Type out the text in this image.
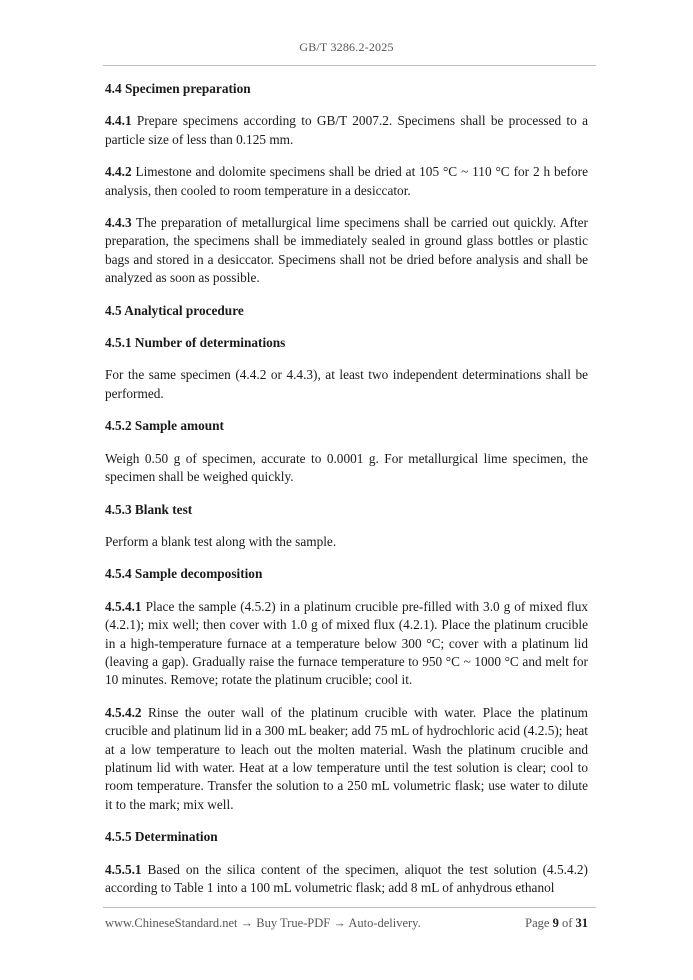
GB/T 3286.2-2025
4.4 Specimen preparation
4.4.1 Prepare specimens according to GB/T 2007.2. Specimens shall be processed to a particle size of less than 0.125 mm.
4.4.2 Limestone and dolomite specimens shall be dried at 105 °C ~ 110 °C for 2 h before analysis, then cooled to room temperature in a desiccator.
4.4.3 The preparation of metallurgical lime specimens shall be carried out quickly. After preparation, the specimens shall be immediately sealed in ground glass bottles or plastic bags and stored in a desiccator. Specimens shall not be dried before analysis and shall be analyzed as soon as possible.
4.5 Analytical procedure
4.5.1 Number of determinations
For the same specimen (4.4.2 or 4.4.3), at least two independent determinations shall be performed.
4.5.2 Sample amount
Weigh 0.50 g of specimen, accurate to 0.0001 g. For metallurgical lime specimen, the specimen shall be weighed quickly.
4.5.3 Blank test
Perform a blank test along with the sample.
4.5.4 Sample decomposition
4.5.4.1 Place the sample (4.5.2) in a platinum crucible pre-filled with 3.0 g of mixed flux (4.2.1); mix well; then cover with 1.0 g of mixed flux (4.2.1). Place the platinum crucible in a high-temperature furnace at a temperature below 300 °C; cover with a platinum lid (leaving a gap). Gradually raise the furnace temperature to 950 °C ~ 1000 °C and melt for 10 minutes. Remove; rotate the platinum crucible; cool it.
4.5.4.2 Rinse the outer wall of the platinum crucible with water. Place the platinum crucible and platinum lid in a 300 mL beaker; add 75 mL of hydrochloric acid (4.2.5); heat at a low temperature to leach out the molten material. Wash the platinum crucible and platinum lid with water. Heat at a low temperature until the test solution is clear; cool to room temperature. Transfer the solution to a 250 mL volumetric flask; use water to dilute it to the mark; mix well.
4.5.5 Determination
4.5.5.1 Based on the silica content of the specimen, aliquot the test solution (4.5.4.2) according to Table 1 into a 100 mL volumetric flask; add 8 mL of anhydrous ethanol
www.ChineseStandard.net → Buy True-PDF → Auto-delivery.	Page 9 of 31
